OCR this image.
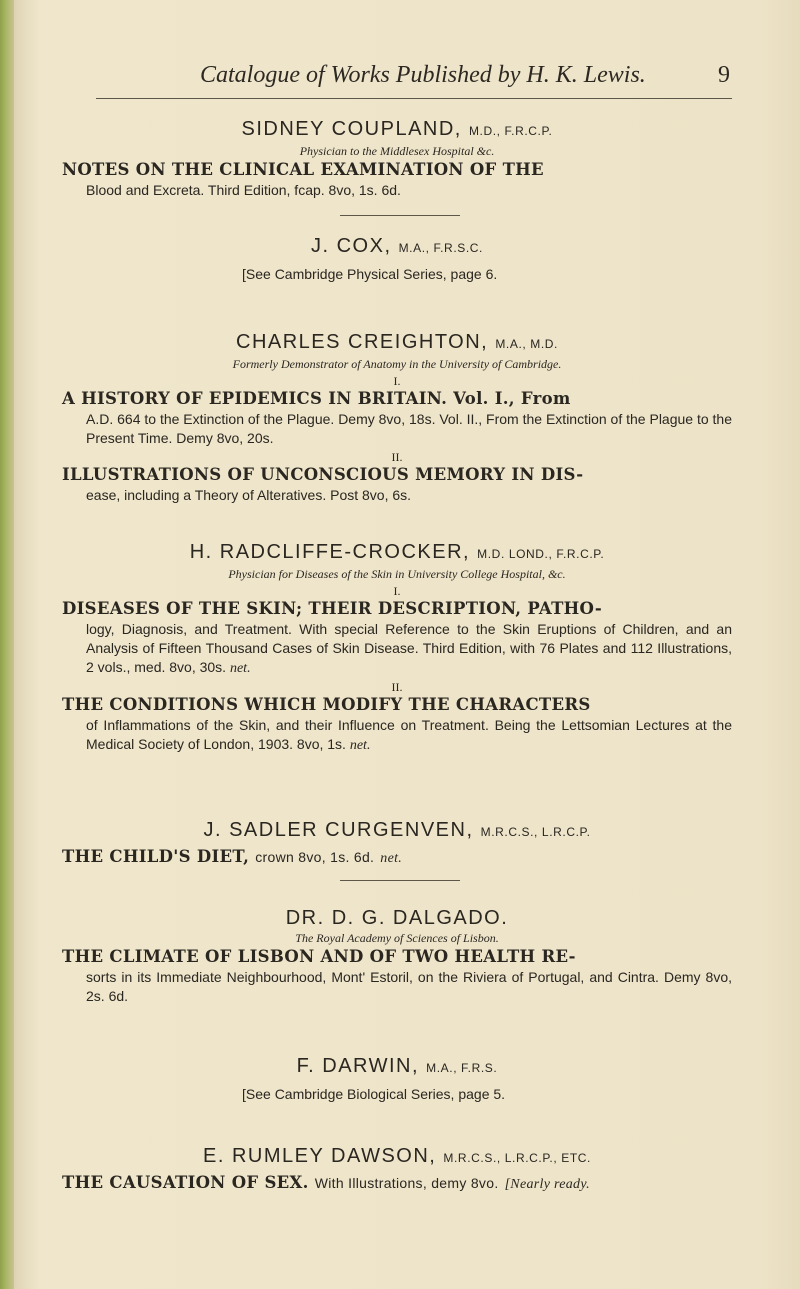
Catalogue of Works Published by H. K. Lewis.	9

SIDNEY COUPLAND, M.D., F.R.C.P.

Physician to the Middlesex Hospital &c.

NOTES ON THE CLINICAL EXAMINATION OF THE

Blood and Excreta. Third Edition, fcap. 8vo, 1s. 6d.

J. COX, M.A., F.R.S.C.

[See Cambridge Physical Series, page 6.

CHARLES CREIGHTON, M.A., M.D.

Formerly Demonstrator of Anatomy in the University of Cambridge.

I.

A HISTORY OF EPIDEMICS IN BRITAIN. Vol. I., From

A.D. 664 to the Extinction of the Plague. Demy 8vo, 18s. Vol. II., From the Extinction of the Plague to the Present Time. Demy 8vo, 20s.

II.

ILLUSTRATIONS OF UNCONSCIOUS MEMORY IN DIS-

ease, including a Theory of Alteratives. Post 8vo, 6s.

H. RADCLIFFE-CROCKER, M.D. LOND., F.R.C.P.

Physician for Diseases of the Skin in University College Hospital, &c.

I.

DISEASES OF THE SKIN; THEIR DESCRIPTION, PATHO-

logy, Diagnosis, and Treatment. With special Reference to the Skin Eruptions of Children, and an Analysis of Fifteen Thousand Cases of Skin Disease. Third Edition, with 76 Plates and 112 Illustrations, 2 vols., med. 8vo, 30s. net.

II.

THE CONDITIONS WHICH MODIFY THE CHARACTERS

of Inflammations of the Skin, and their Influence on Treatment. Being the Lettsomian Lectures at the Medical Society of London, 1903. 8vo, 1s. net.

J. SADLER CURGENVEN, M.R.C.S., L.R.C.P.

THE CHILD'S DIET, crown 8vo, 1s. 6d. net.

DR. D. G. DALGADO.

The Royal Academy of Sciences of Lisbon.

THE CLIMATE OF LISBON AND OF TWO HEALTH RE-

sorts in its Immediate Neighbourhood, Mont' Estoril, on the Riviera of Portugal, and Cintra. Demy 8vo, 2s. 6d.

F. DARWIN, M.A., F.R.S.

[See Cambridge Biological Series, page 5.

E. RUMLEY DAWSON, M.R.C.S., L.R.C.P., ETC.

THE CAUSATION OF SEX. With Illustrations, demy 8vo. [Nearly ready.
